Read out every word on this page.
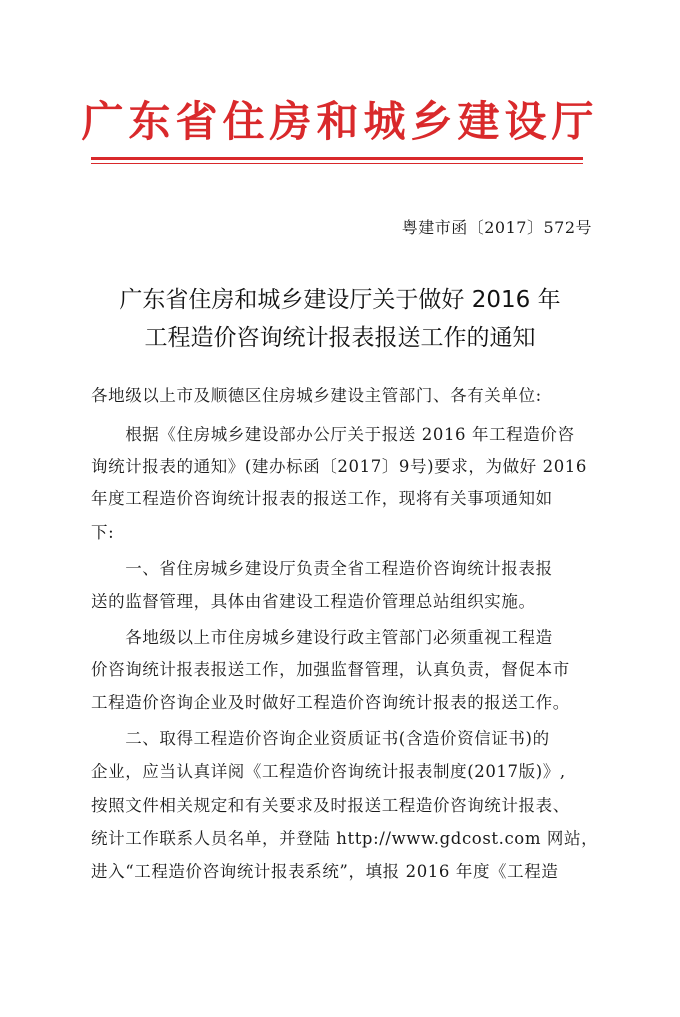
广东省住房和城乡建设厅
粤建市函〔2017〕572号
广东省住房和城乡建设厅关于做好 2016 年
工程造价咨询统计报表报送工作的通知
各地级以上市及顺德区住房城乡建设主管部门、各有关单位:
　　根据《住房城乡建设部办公厅关于报送 2016 年工程造价咨
询统计报表的通知》(建办标函〔2017〕9号)要求，为做好 2016
年度工程造价咨询统计报表的报送工作，现将有关事项通知如
下:
　　一、省住房城乡建设厅负责全省工程造价咨询统计报表报
送的监督管理，具体由省建设工程造价管理总站组织实施。
　　各地级以上市住房城乡建设行政主管部门必须重视工程造
价咨询统计报表报送工作，加强监督管理，认真负责，督促本市
工程造价咨询企业及时做好工程造价咨询统计报表的报送工作。
　　二、取得工程造价咨询企业资质证书(含造价资信证书)的
企业，应当认真详阅《工程造价咨询统计报表制度(2017版)》,
按照文件相关规定和有关要求及时报送工程造价咨询统计报表、
统计工作联系人员名单，并登陆 http://www.gdcost.com 网站，
进入“工程造价咨询统计报表系统”，填报 2016 年度《工程造
